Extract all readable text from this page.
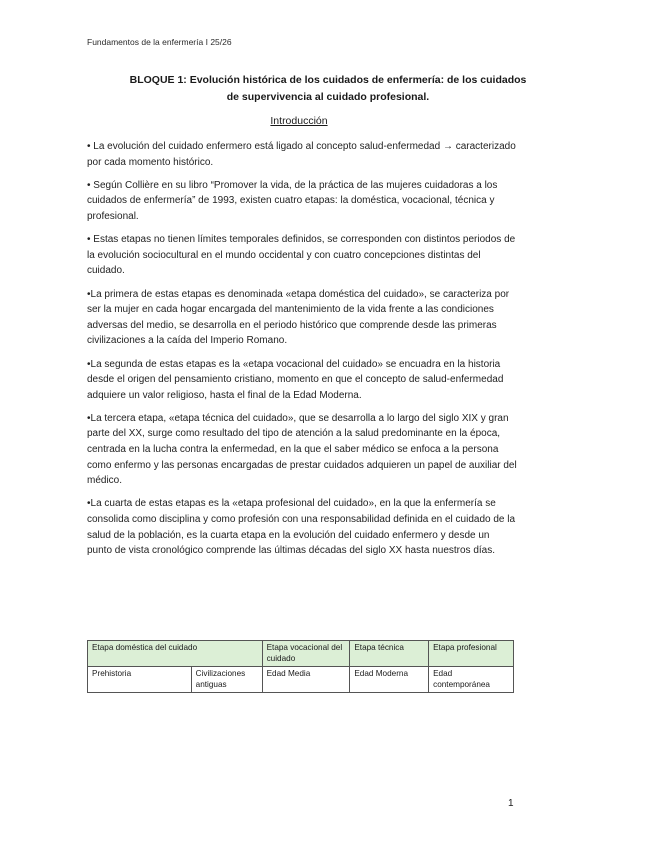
Fundamentos de la enfermería I 25/26
BLOQUE 1: Evolución histórica de los cuidados de enfermería: de los cuidados
de supervivencia al cuidado profesional.
Introducción

• La evolución del cuidado enfermero está ligado al concepto salud-enfermedad → caracterizado por cada momento histórico.

• Según Collière en su libro “Promover la vida, de la práctica de las mujeres cuidadoras a los cuidados de enfermería” de 1993, existen cuatro etapas: la doméstica, vocacional, técnica y profesional.

• Estas etapas no tienen límites temporales definidos, se corresponden con distintos periodos de la evolución sociocultural en el mundo occidental y con cuatro concepciones distintas del cuidado.

•La primera de estas etapas es denominada «etapa doméstica del cuidado», se caracteriza por ser la mujer en cada hogar encargada del mantenimiento de la vida frente a las condiciones adversas del medio, se desarrolla en el periodo histórico que comprende desde las primeras civilizaciones a la caída del Imperio Romano.

•La segunda de estas etapas es la «etapa vocacional del cuidado» se encuadra en la historia desde el origen del pensamiento cristiano, momento en que el concepto de salud-enfermedad adquiere un valor religioso, hasta el final de la Edad Moderna.

•La tercera etapa, «etapa técnica del cuidado», que se desarrolla a lo largo del siglo XIX y gran parte del XX, surge como resultado del tipo de atención a la salud predominante en la época, centrada en la lucha contra la enfermedad, en la que el saber médico se enfoca a la persona como enfermo y las personas encargadas de prestar cuidados adquieren un papel de auxiliar del médico.

•La cuarta de estas etapas es la «etapa profesional del cuidado», en la que la enfermería se consolida como disciplina y como profesión con una responsabilidad definida en el cuidado de la salud de la población, es la cuarta etapa en la evolución del cuidado enfermero y desde un punto de vista cronológico comprende las últimas décadas del siglo XX hasta nuestros días.

Etapa doméstica del cuidado		Etapa vocacional del cuidado	Etapa técnica	Etapa profesional
Prehistoria	Civilizaciones antiguas	Edad Media	Edad Moderna	Edad contemporánea
1
